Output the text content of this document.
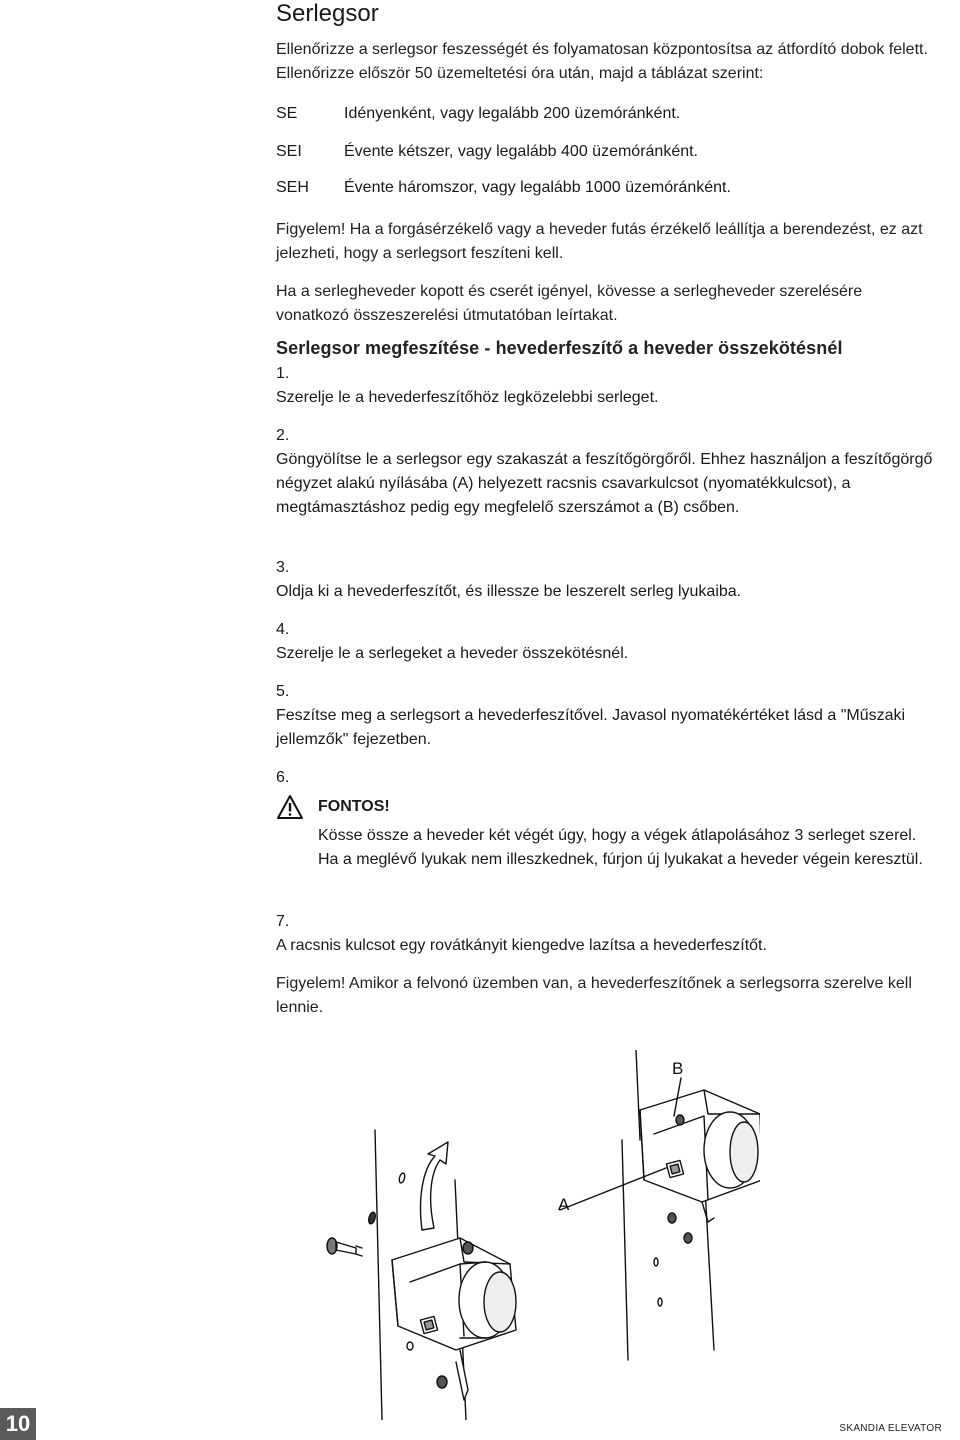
Serlegsor

Ellenőrizze a serlegsor feszességét és folyamatosan központosítsa az átfordító dobok felett. Ellenőrizze először 50 üzemeltetési óra után, majd a táblázat szerint:

SE	Idényenként, vagy legalább 200 üzemóránként.
SEI	Évente kétszer, vagy legalább 400 üzemóránként.
SEH	Évente háromszor, vagy legalább 1000 üzemóránként.

Figyelem! Ha a forgásérzékelő vagy a heveder futás érzékelő leállítja a berendezést, ez azt jelezheti, hogy a serlegsort feszíteni kell.

Ha a serlegheveder kopott és cserét igényel, kövesse a serlegheveder szerelésére vonatkozó összeszerelési útmutatóban leírtakat.

Serlegsor megfeszítése - hevederfeszítő a heveder összekötésnél
1.
Szerelje le a hevederfeszítőhöz legközelebbi serleget.
2.
Göngyölítse le a serlegsor egy szakaszát a feszítőgörgőről. Ehhez használjon a feszítőgörgő négyzet alakú nyílásába (A) helyezett racsnis csavarkulcsot (nyomatékkulcsot), a megtámasztáshoz pedig egy megfelelő szerszámot a (B) csőben.
3.
Oldja ki a hevederfeszítőt, és illessze be leszerelt serleg lyukaiba.
4.
Szerelje le a serlegeket a heveder összekötésnél.
5.
Feszítse meg a serlegsort a hevederfeszítővel. Javasol nyomatékértéket lásd a "Műszaki jellemzők" fejezetben.
6.
FONTOS!
Kösse össze a heveder két végét úgy, hogy a végek átlapolásához 3 serleget szerel. Ha a meglévő lyukak nem illeszkednek, fúrjon új lyukakat a heveder végein keresztül.
7.
A racsnis kulcsot egy rovátkányit kiengedve lazítsa a hevederfeszítőt.

Figyelem! Amikor a felvonó üzemben van, a hevederfeszítőnek a serlegsorra szerelve kell lennie.

B
A
10	SKANDIA ELEVATOR
